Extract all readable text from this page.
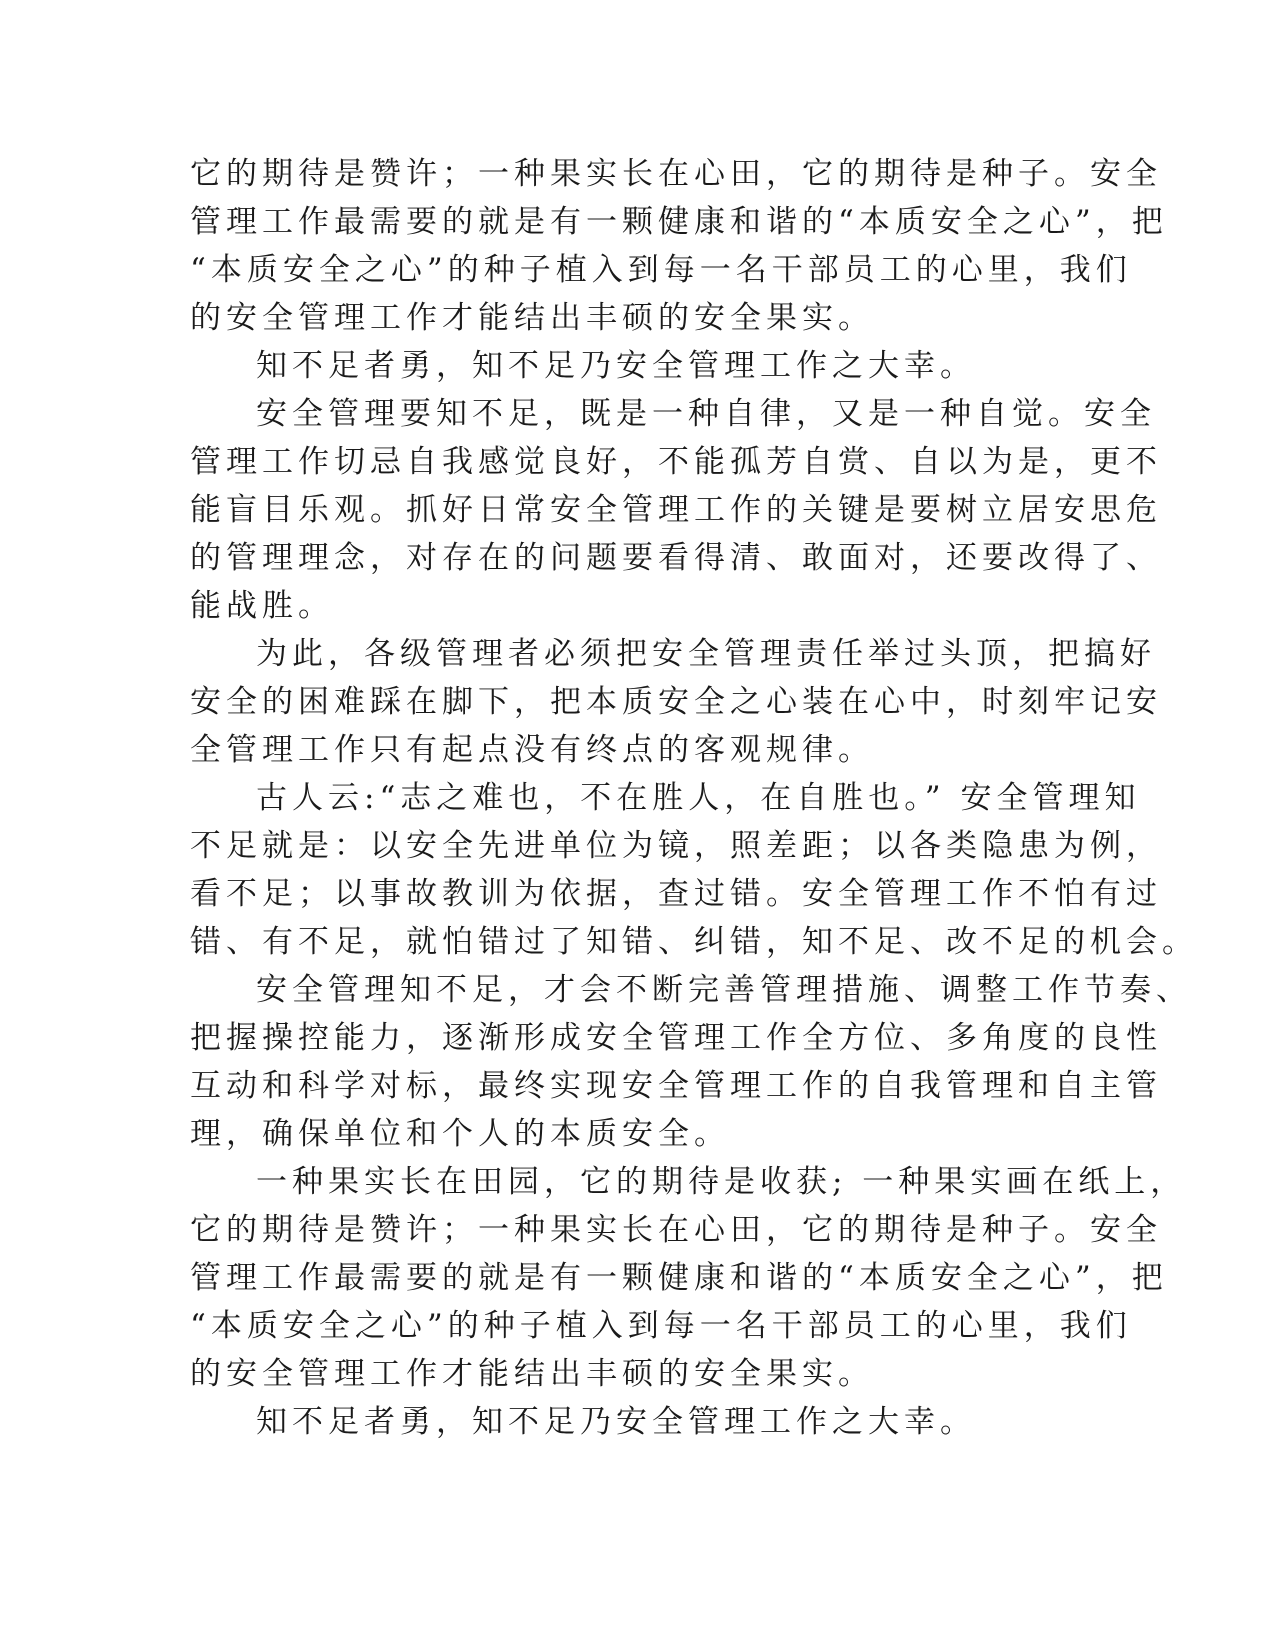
它的期待是赞许；一种果实长在心田，它的期待是种子。安全
管理工作最需要的就是有一颗健康和谐的“本质安全之心”，把
“本质安全之心”的种子植入到每一名干部员工的心里，我们
的安全管理工作才能结出丰硕的安全果实。
知不足者勇，知不足乃安全管理工作之大幸。
安全管理要知不足，既是一种自律，又是一种自觉。安全
管理工作切忌自我感觉良好，不能孤芳自赏、自以为是，更不
能盲目乐观。抓好日常安全管理工作的关键是要树立居安思危
的管理理念，对存在的问题要看得清、敢面对，还要改得了、
能战胜。
为此，各级管理者必须把安全管理责任举过头顶，把搞好
安全的困难踩在脚下，把本质安全之心装在心中，时刻牢记安
全管理工作只有起点没有终点的客观规律。
古人云:“志之难也，不在胜人，在自胜也。” 安全管理知
不足就是：以安全先进单位为镜，照差距；以各类隐患为例，
看不足；以事故教训为依据，查过错。安全管理工作不怕有过
错、有不足，就怕错过了知错、纠错，知不足、改不足的机会。
安全管理知不足，才会不断完善管理措施、调整工作节奏、
把握操控能力，逐渐形成安全管理工作全方位、多角度的良性
互动和科学对标，最终实现安全管理工作的自我管理和自主管
理，确保单位和个人的本质安全。
一种果实长在田园，它的期待是收获; 一种果实画在纸上，
它的期待是赞许；一种果实长在心田，它的期待是种子。安全
管理工作最需要的就是有一颗健康和谐的“本质安全之心”，把
“本质安全之心”的种子植入到每一名干部员工的心里，我们
的安全管理工作才能结出丰硕的安全果实。
知不足者勇，知不足乃安全管理工作之大幸。
